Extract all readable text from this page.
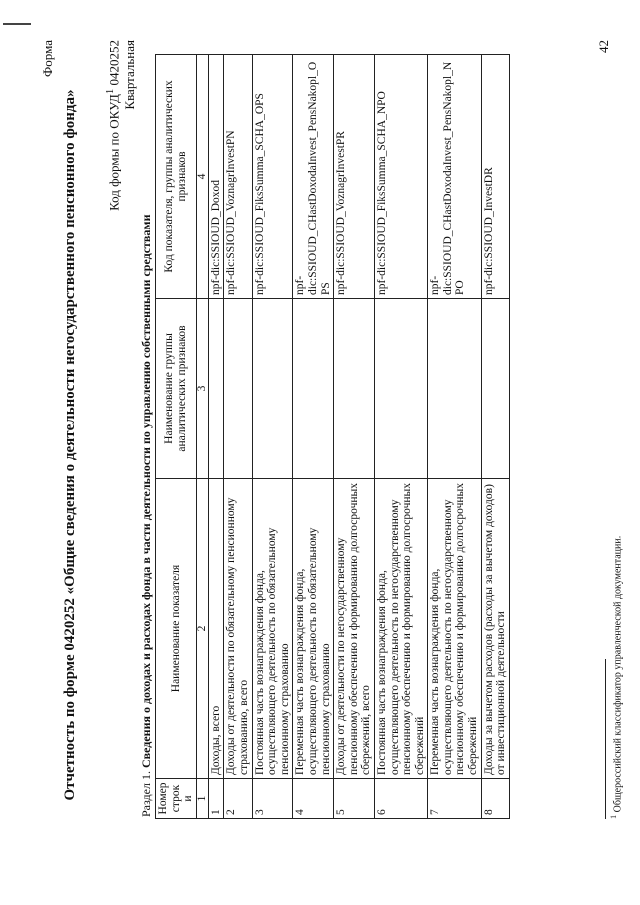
Форма
Отчетность по форме 0420252 «Общие сведения о деятельности негосударственного пенсионного фонда» Код формы по ОКУД$^1$ 0420252 Квартальная
Раздел 1. Сведения о доходах и расходах фонда в части деятельности по управлению собственными средствами
Номер строки	Наименование показателя	Наименование группы аналитических признаков	Код показателя, группы аналитических признаков
1	2	3	4
1	Доходы, всего		npf-dic:SSIOUD_Doxod
2	Доходы от деятельности по обязательному пенсионному страхованию, всего		npf-dic:SSIOUD_VoznagrInvestPN
3	Постоянная часть вознаграждения фонда, осуществляющего деятельность по обязательному пенсионному страхованию		npf-dic:SSIOUD_FiksSumma_SCHA_OPS
4	Переменная часть вознаграждения фонда, осуществляющего деятельность по обязательному пенсионному страхованию		npf-dic:SSIOUD_CHastDoxodaInvest_PensNakopl_OPS
5	Доходы от деятельности по негосударственному пенсионному обеспечению и формированию долгосрочных сбережений, всего		npf-dic:SSIOUD_VoznagrInvestPR
6	Постоянная часть вознаграждения фонда, осуществляющего деятельность по негосударственному пенсионному обеспечению и формированию долгосрочных сбережений		npf-dic:SSIOUD_FiksSumma_SCHA_NPO
7	Переменная часть вознаграждения фонда, осуществляющего деятельность по негосударственному пенсионному обеспечению и формированию долгосрочных сбережений		npf-dic:SSIOUD_CHastDoxodaInvest_PensNakopl_NPO
8	Доходы за вычетом расходов (расходы за вычетом доходов) от инвестиционной деятельности		npf-dic:SSIOUD_InvestDR
$^1$ Общероссийский классификатор управленческой документации.
42
